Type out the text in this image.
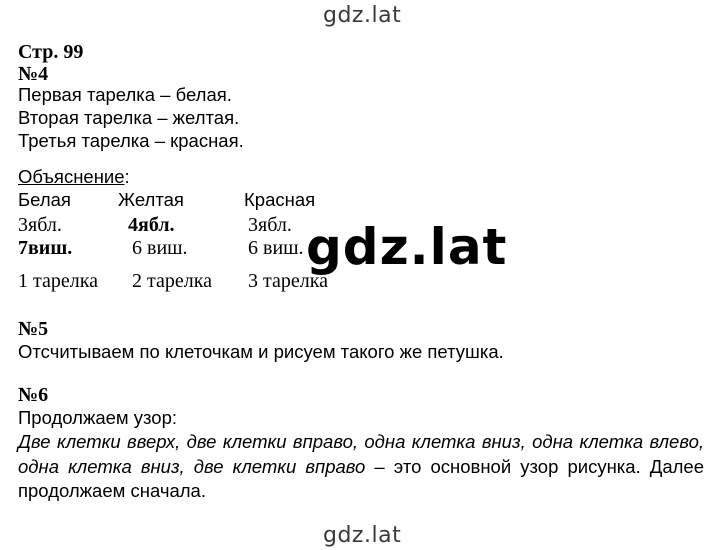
gdz.lat
Стр. 99
№4
Первая тарелка – белая.
Вторая тарелка – желтая.
Третья тарелка – красная.
Объяснение:
Белая	Желтая	Красная
3ябл.	4ябл.	3ябл.
7виш.	6 виш.	6 виш. gdz.lat
1 тарелка 2 тарелка 3 тарелка
№5
Отсчитываем по клеточкам и рисуем такого же петушка.
№6
Продолжаем узор:
Две клетки вверх, две клетки вправо, одна клетка вниз, одна клетка влево, одна клетка вниз, две клетки вправо – это основной узор рисунка. Далее продолжаем сначала.
gdz.lat
